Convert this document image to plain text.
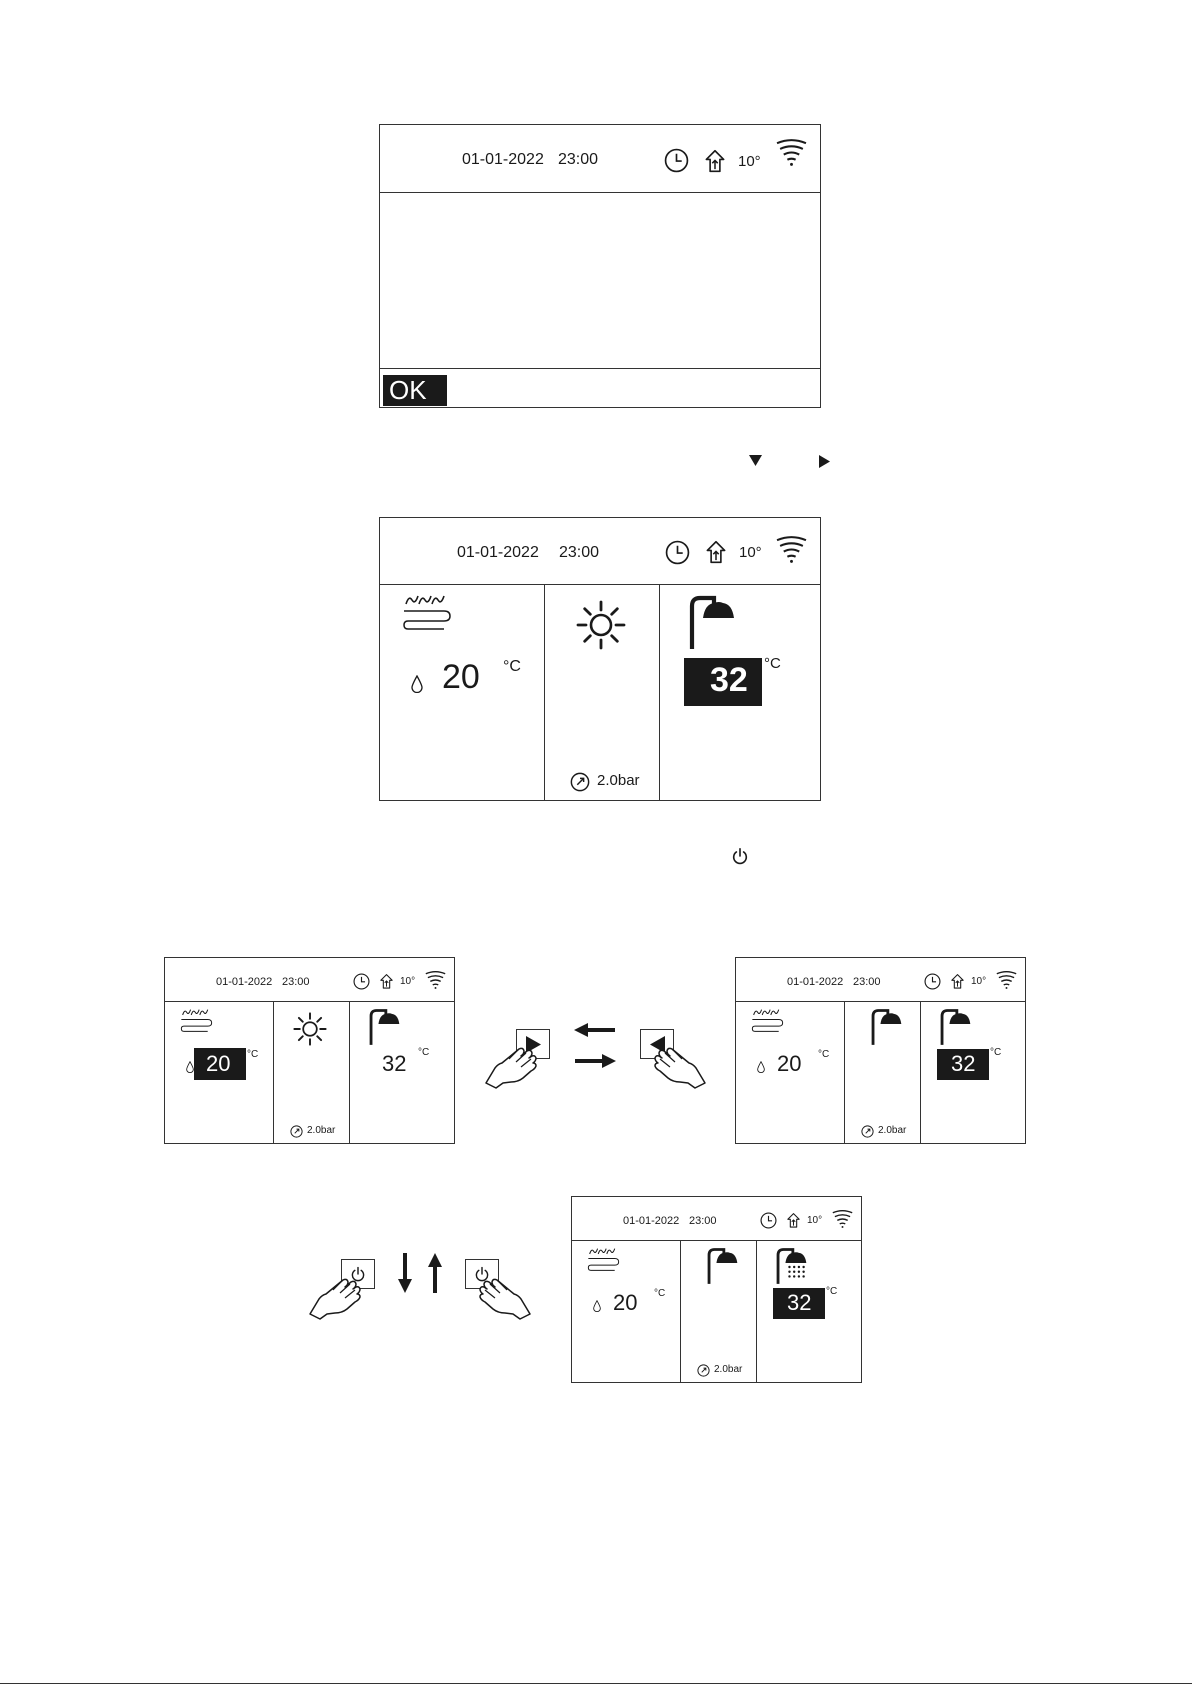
01-01-2022 23:00	10°
OK
01-01-2022 23:00	10°
20 °C
2.0bar
32 °C
01-01-2022 23:00	10°
20 °C
2.0bar
32 °C
01-01-2022 23:00	10°
20 °C
2.0bar
32 °C
01-01-2022 23:00	10°
20 °C
2.0bar
32 °C
